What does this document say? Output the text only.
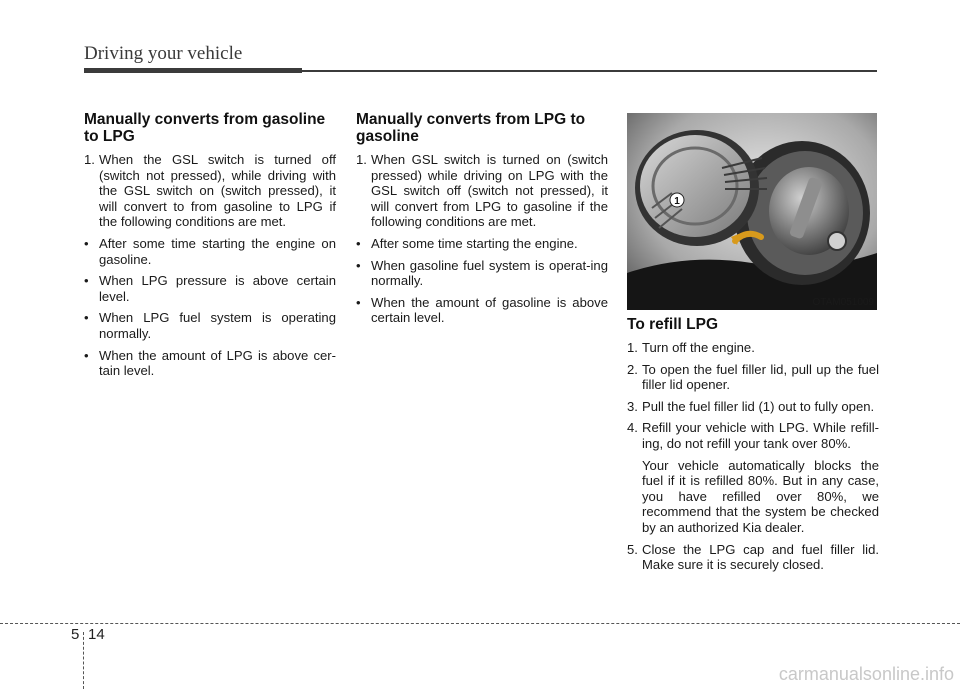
Driving your vehicle
Manually converts from gasoline to LPG

1. When the GSL switch is turned off (switch not pressed), while driving with the GSL switch on (switch pressed), it will convert to from gasoline to LPG if the following conditions are met.

• After some time starting the engine on gasoline.

• When LPG pressure is above certain level.

• When LPG fuel system is operating normally.

• When the amount of LPG is above cer-tain level.

Manually converts from LPG to gasoline

1. When GSL switch is turned on (switch pressed) while driving on LPG with the GSL switch off (switch not pressed), it will convert from LPG to gasoline if the following conditions are met.

• After some time starting the engine.

• When gasoline fuel system is operat-ing normally.

• When the amount of gasoline is above certain level.

1
OTAM051009
To refill LPG

1. Turn off the engine.

2. To open the fuel filler lid, pull up the fuel filler lid opener.

3. Pull the fuel filler lid (1) out to fully open.

4. Refill your vehicle with LPG. While refill-ing, do not refill your tank over 80%.

Your vehicle automatically blocks the fuel if it is refilled 80%. But in any case, you have refilled over 80%, we recommend that the system be checked by an authorized Kia dealer.

5. Close the LPG cap and fuel filler lid. Make sure it is securely closed.

5 14
carmanualsonline.info
